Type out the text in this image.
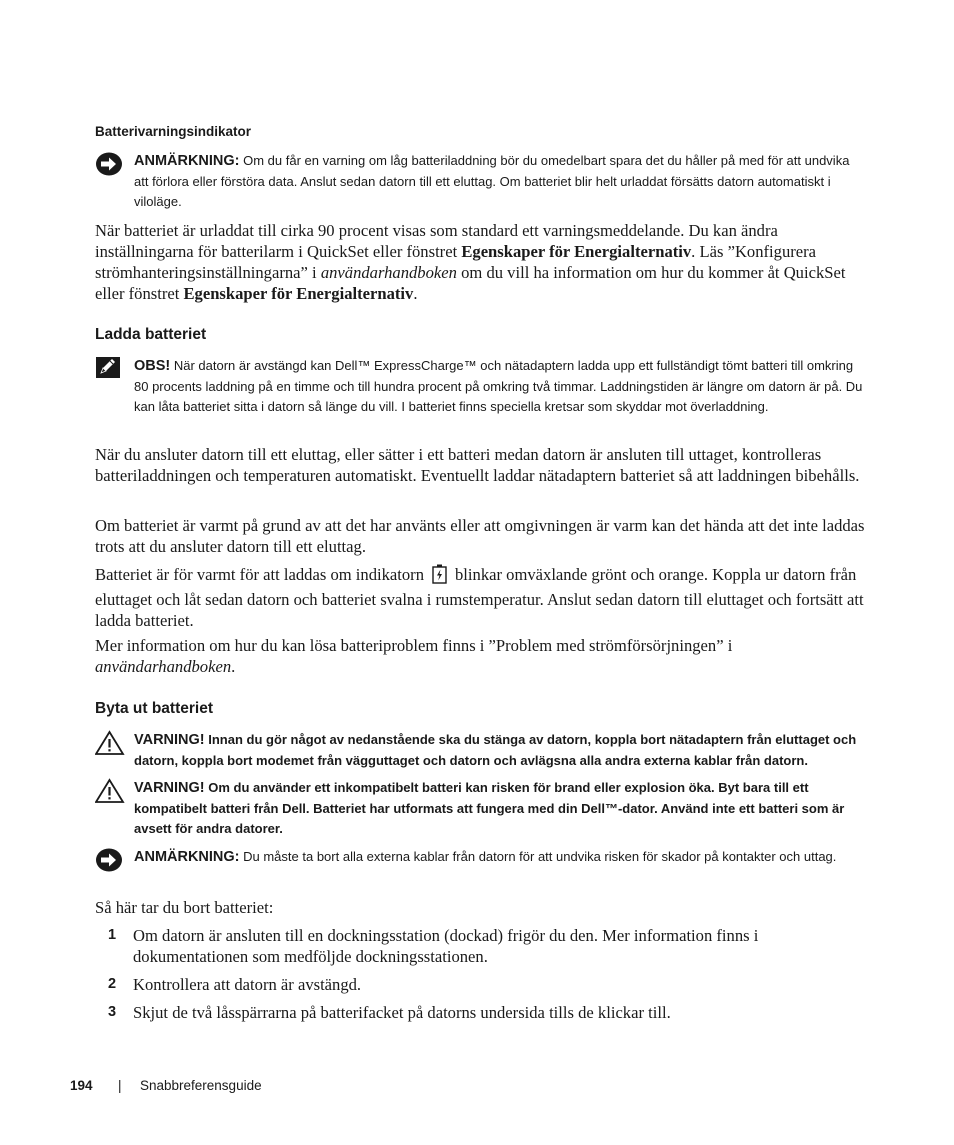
Batterivarningsindikator
ANMÄRKNING: Om du får en varning om låg batteriladdning bör du omedelbart spara det du håller på med för att undvika att förlora eller förstöra data. Anslut sedan datorn till ett eluttag. Om batteriet blir helt urladdat försätts datorn automatiskt i viloläge.
När batteriet är urladdat till cirka 90 procent visas som standard ett varningsmeddelande. Du kan ändra inställningarna för batterilarm i QuickSet eller fönstret Egenskaper för Energialternativ. Läs ”Konfigurera strömhanteringsinställningarna” i användarhandboken om du vill ha information om hur du kommer åt QuickSet eller fönstret Egenskaper för Energialternativ.
Ladda batteriet
OBS! När datorn är avstängd kan Dell™ ExpressCharge™ och nätadaptern ladda upp ett fullständigt tömt batteri till omkring 80 procents laddning på en timme och till hundra procent på omkring två timmar. Laddningstiden är längre om datorn är på. Du kan låta batteriet sitta i datorn så länge du vill. I batteriet finns speciella kretsar som skyddar mot överladdning.
När du ansluter datorn till ett eluttag, eller sätter i ett batteri medan datorn är ansluten till uttaget, kontrolleras batteriladdningen och temperaturen automatiskt. Eventuellt laddar nätadaptern batteriet så att laddningen bibehålls.
Om batteriet är varmt på grund av att det har använts eller att omgivningen är varm kan det hända att det inte laddas trots att du ansluter datorn till ett eluttag.
Batteriet är för varmt för att laddas om indikatorn blinkar omväxlande grönt och orange. Koppla ur datorn från eluttaget och låt sedan datorn och batteriet svalna i rumstemperatur. Anslut sedan datorn till eluttaget och fortsätt att ladda batteriet.
Mer information om hur du kan lösa batteriproblem finns i ”Problem med strömförsörjningen” i användarhandboken.
Byta ut batteriet
VARNING! Innan du gör något av nedanstående ska du stänga av datorn, koppla bort nätadaptern från eluttaget och datorn, koppla bort modemet från vägguttaget och datorn och avlägsna alla andra externa kablar från datorn.
VARNING! Om du använder ett inkompatibelt batteri kan risken för brand eller explosion öka. Byt bara till ett kompatibelt batteri från Dell. Batteriet har utformats att fungera med din Dell™-dator. Använd inte ett batteri som är avsett för andra datorer.
ANMÄRKNING: Du måste ta bort alla externa kablar från datorn för att undvika risken för skador på kontakter och uttag.
Så här tar du bort batteriet:
1 Om datorn är ansluten till en dockningsstation (dockad) frigör du den. Mer information finns i dokumentationen som medföljde dockningsstationen.
2 Kontrollera att datorn är avstängd.
3 Skjut de två låsspärrarna på batterifacket på datorns undersida tills de klickar till.
194 | Snabbreferensguide
